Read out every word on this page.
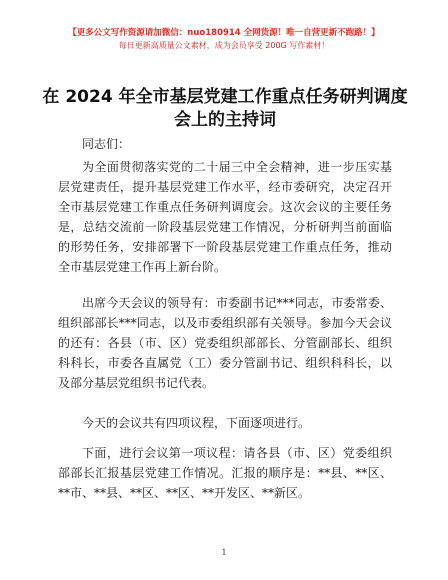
【更多公文写作资源请加微信：nuo180914 全网货源！唯一自营更新不跑路！】
每日更新高质量公文素材，成为会员享受 200G 写作素材！
在 2024 年全市基层党建工作重点任务研判调度会上的主持词
同志们：

为全面贯彻落实党的二十届三中全会精神，进一步压实基层党建责任，提升基层党建工作水平，经市委研究，决定召开全市基层党建工作重点任务研判调度会。这次会议的主要任务是，总结交流前一阶段基层党建工作情况，分析研判当前面临的形势任务，安排部署下一阶段基层党建工作重点任务，推动全市基层党建工作再上新台阶。

出席今天会议的领导有：市委副书记***同志，市委常委、组织部部长***同志，以及市委组织部有关领导。参加今天会议的还有：各县（市、区）党委组织部部长、分管副部长、组织科科长，市委各直属党（工）委分管副书记、组织科科长，以及部分基层党组织书记代表。

今天的会议共有四项议程，下面逐项进行。

下面，进行会议第一项议程：请各县（市、区）党委组织部部长汇报基层党建工作情况。汇报的顺序是：**县、**区、**市、**县、**区、**区、**开发区、**新区。

1
